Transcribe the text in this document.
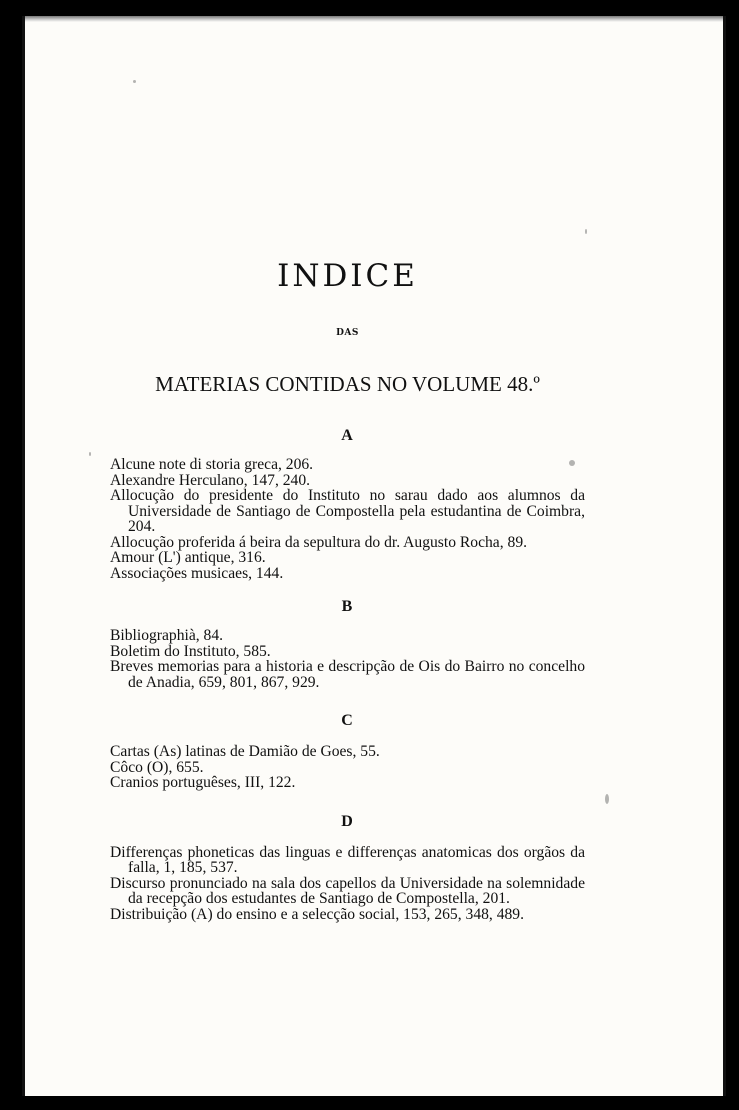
INDICE
DAS
MATERIAS CONTIDAS NO VOLUME 48.º
A
Alcune note di storia greca, 206.
Alexandre Herculano, 147, 240.
Allocução do presidente do Instituto no sarau dado aos alumnos da Universidade de Santiago de Compostella pela estudantina de Coimbra, 204.
Allocução proferida á beira da sepultura do dr. Augusto Rocha, 89.
Amour (L') antique, 316.
Associações musicaes, 144.
B
Bibliographià, 84.
Boletim do Instituto, 585.
Breves memorias para a historia e descripção de Ois do Bairro no concelho de Anadia, 659, 801, 867, 929.
C
Cartas (As) latinas de Damião de Goes, 55.
Côco (O), 655.
Cranios portuguêses, III, 122.
D
Differenças phoneticas das linguas e differenças anatomicas dos orgãos da falla, 1, 185, 537.
Discurso pronunciado na sala dos capellos da Universidade na solemnidade da recepção dos estudantes de Santiago de Compostella, 201.
Distribuição (A) do ensino e a selecção social, 153, 265, 348, 489.
